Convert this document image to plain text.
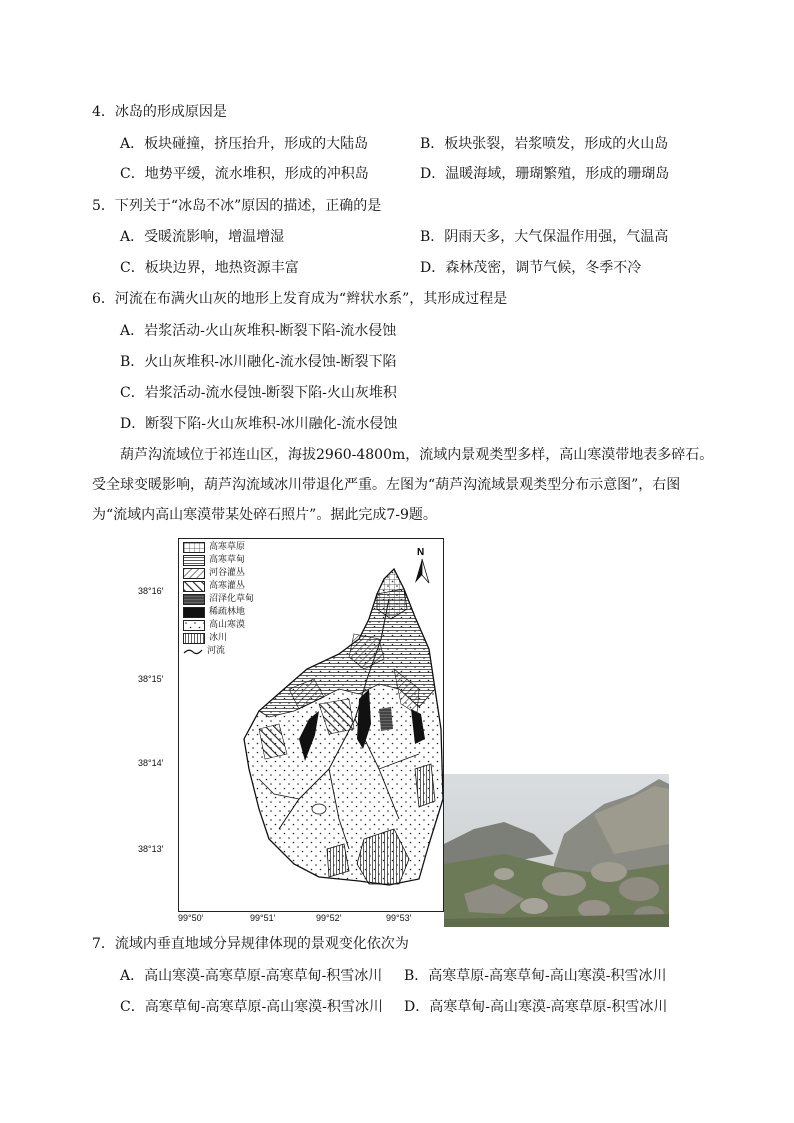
4．冰岛的形成原因是
A．板块碰撞，挤压抬升，形成的大陆岛	B．板块张裂，岩浆喷发，形成的火山岛
C．地势平缓，流水堆积，形成的冲积岛	D．温暖海域，珊瑚繁殖，形成的珊瑚岛
5．下列关于“冰岛不冰”原因的描述，正确的是
A．受暖流影响，增温增湿	B．阴雨天多，大气保温作用强，气温高
C．板块边界，地热资源丰富	D．森林茂密，调节气候，冬季不冷
6．河流在布满火山灰的地形上发育成为“辫状水系”，其形成过程是
A．岩浆活动-火山灰堆积-断裂下陷-流水侵蚀
B．火山灰堆积-冰川融化-流水侵蚀-断裂下陷
C．岩浆活动-流水侵蚀-断裂下陷-火山灰堆积
D．断裂下陷-火山灰堆积-冰川融化-流水侵蚀
葫芦沟流域位于祁连山区，海拔2960-4800m，流域内景观类型多样，高山寒漠带地表多碎石。受全球变暖影响，葫芦沟流域冰川带退化严重。左图为“葫芦沟流域景观类型分布示意图”，右图为“流域内高山寒漠带某处碎石照片”。据此完成7-9题。
38°16′
38°15′
38°14′
38°13′
99°50′	99°51′	99°52′	99°53′
高寒草原
高寒草甸
河谷灌丛
高寒灌丛
沼泽化草甸
稀疏林地
高山寒漠
冰川
河流
N
7．流域内垂直地域分异规律体现的景观变化依次为
A．高山寒漠-高寒草原-高寒草甸-积雪冰川 B．高寒草原-高寒草甸-高山寒漠-积雪冰川
C．高寒草甸-高寒草原-高山寒漠-积雪冰川 D．高寒草甸-高山寒漠-高寒草原-积雪冰川
